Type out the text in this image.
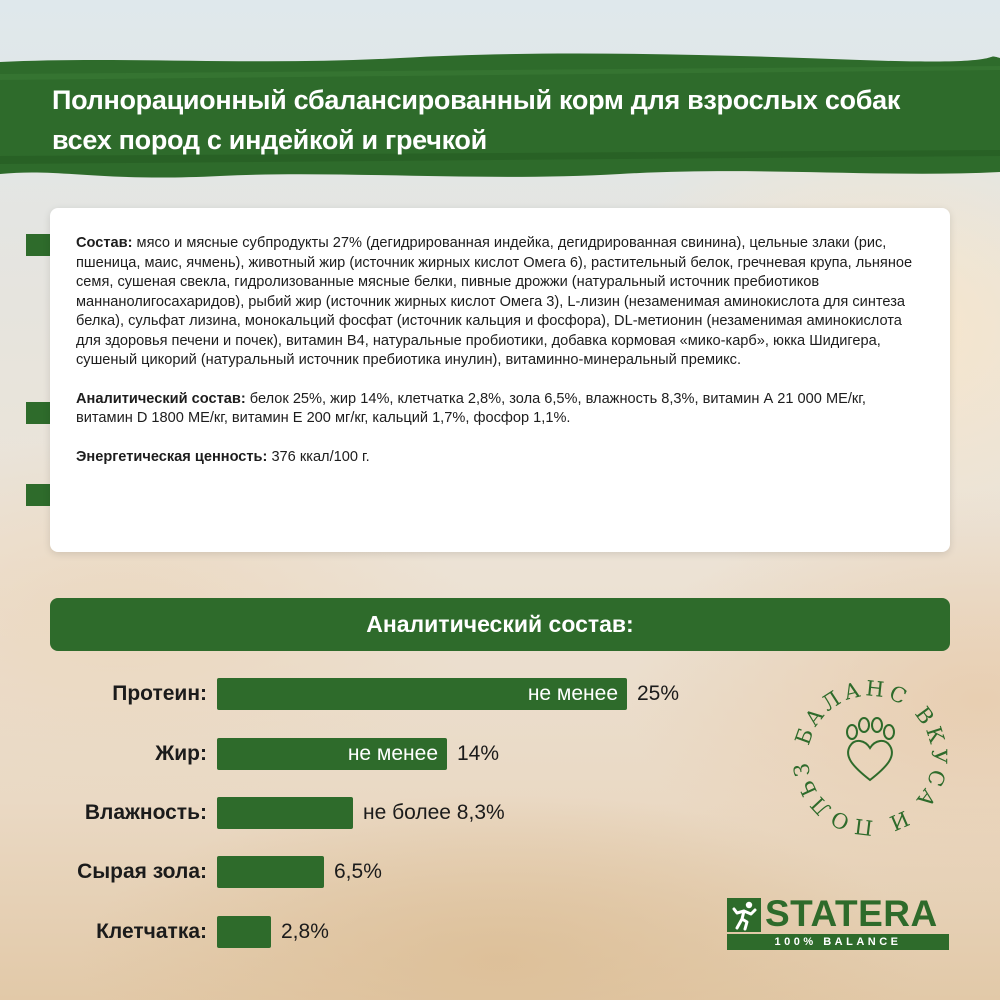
Полнорационный сбалансированный корм для взрослых собак
всех пород с индейкой и гречкой

Состав: мясо и мясные субпродукты 27% (дегидрированная индейка, дегидрированная свинина), цельные злаки (рис, пшеница, маис, ячмень), животный жир (источник жирных кислот Омега 6), растительный белок, гречневая крупа, льняное семя, сушеная свекла, гидролизованные мясные белки, пивные дрожжи (натуральный источник пребиотиков маннанолигосахаридов), рыбий жир (источник жирных кислот Омега 3), L-лизин (незаменимая аминокислота для синтеза белка), сульфат лизина, монокальций фосфат (источник кальция и фосфора), DL-метионин (незаменимая аминокислота для здоровья печени и почек), витамин B4, натуральные пробиотики, добавка кормовая «мико-карб», юкка Шидигера, сушеный цикорий (натуральный источник пребиотика инулин), витаминно-минеральный премикс.

Аналитический состав: белок 25%, жир 14%, клетчатка 2,8%, зола 6,5%, влажность 8,3%, витамин А 21 000 МЕ/кг, витамин D 1800 МЕ/кг, витамин Е 200 мг/кг, кальций 1,7%, фосфор 1,1%.

Энергетическая ценность: 376 ккал/100 г.

Аналитический состав:
Протеин:	не менее 25%
Жир:	не менее 14%
Влажность:	не более 8,3%
Сырая зола:	6,5%
Клетчатка:	2,8%
БАЛАНС ВКУСА И ПОЛЬЗ
STATERA
100% BALANCE
